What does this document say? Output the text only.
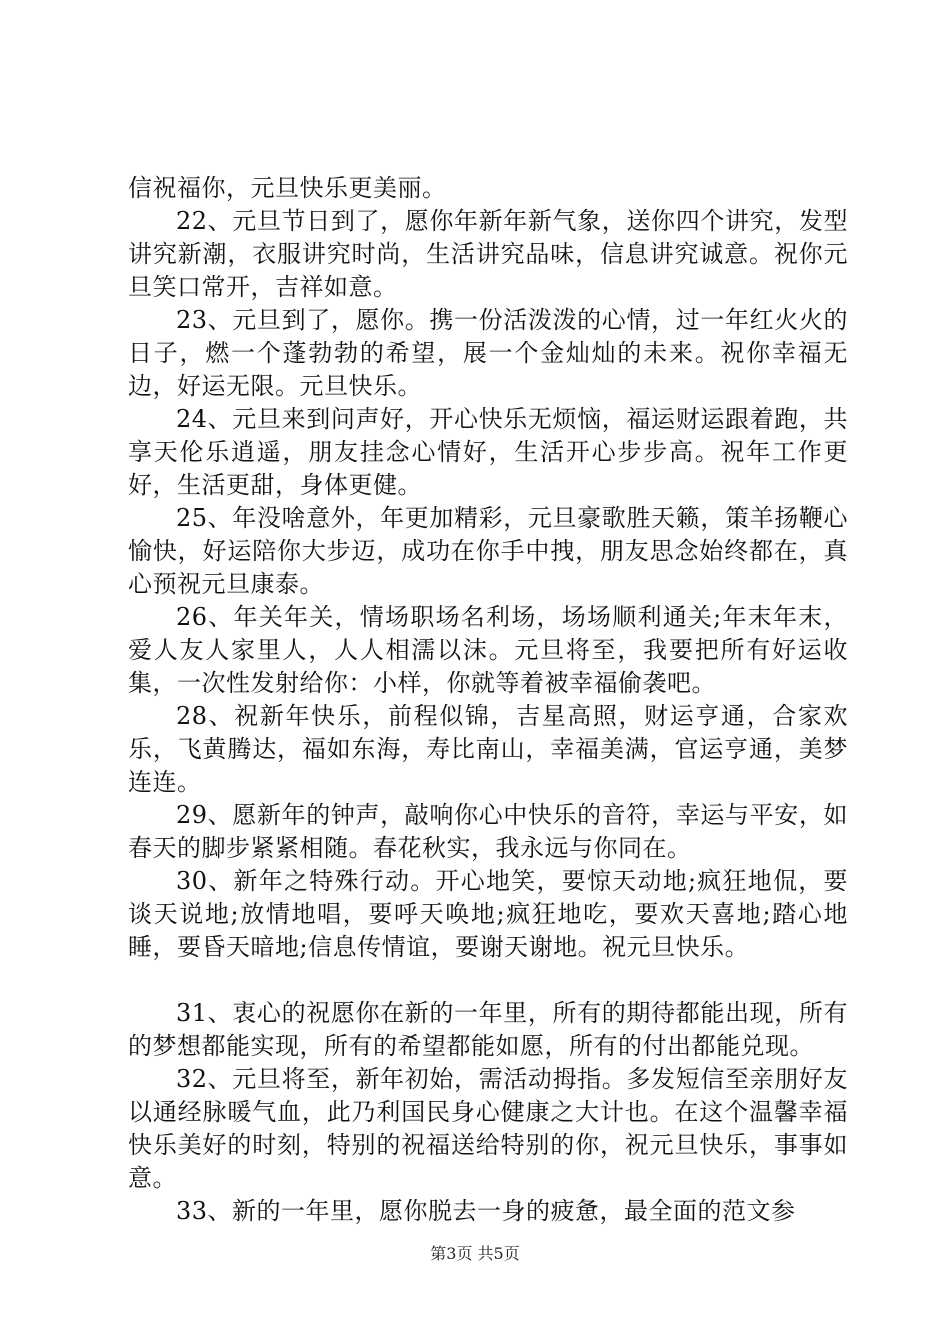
信祝福你，元旦快乐更美丽。

22、元旦节日到了，愿你年新年新气象，送你四个讲究，发型讲究新潮，衣服讲究时尚，生活讲究品味，信息讲究诚意。祝你元旦笑口常开，吉祥如意。

23、元旦到了，愿你。携一份活泼泼的心情，过一年红火火的日子，燃一个蓬勃勃的希望，展一个金灿灿的未来。祝你幸福无边，好运无限。元旦快乐。

24、元旦来到问声好，开心快乐无烦恼，福运财运跟着跑，共享天伦乐逍遥，朋友挂念心情好，生活开心步步高。祝年工作更好，生活更甜，身体更健。

25、年没啥意外，年更加精彩，元旦豪歌胜天籁，策羊扬鞭心愉快，好运陪你大步迈，成功在你手中拽，朋友思念始终都在，真心预祝元旦康泰。

26、年关年关，情场职场名利场，场场顺利通关;年末年末，爱人友人家里人，人人相濡以沫。元旦将至，我要把所有好运收集，一次性发射给你：小样，你就等着被幸福偷袭吧。

28、祝新年快乐，前程似锦，吉星高照，财运亨通，合家欢乐，飞黄腾达，福如东海，寿比南山，幸福美满，官运亨通，美梦连连。

29、愿新年的钟声，敲响你心中快乐的音符，幸运与平安，如春天的脚步紧紧相随。春花秋实，我永远与你同在。

30、新年之特殊行动。开心地笑，要惊天动地;疯狂地侃，要谈天说地;放情地唱，要呼天唤地;疯狂地吃，要欢天喜地;踏心地睡，要昏天暗地;信息传情谊，要谢天谢地。祝元旦快乐。

31、衷心的祝愿你在新的一年里，所有的期待都能出现，所有的梦想都能实现，所有的希望都能如愿，所有的付出都能兑现。

32、元旦将至，新年初始，需活动拇指。多发短信至亲朋好友以通经脉暖气血，此乃利国民身心健康之大计也。在这个温馨幸福快乐美好的时刻，特别的祝福送给特别的你，祝元旦快乐，事事如意。

33、新的一年里，愿你脱去一身的疲惫，最全面的范文参

第3页 共5页
